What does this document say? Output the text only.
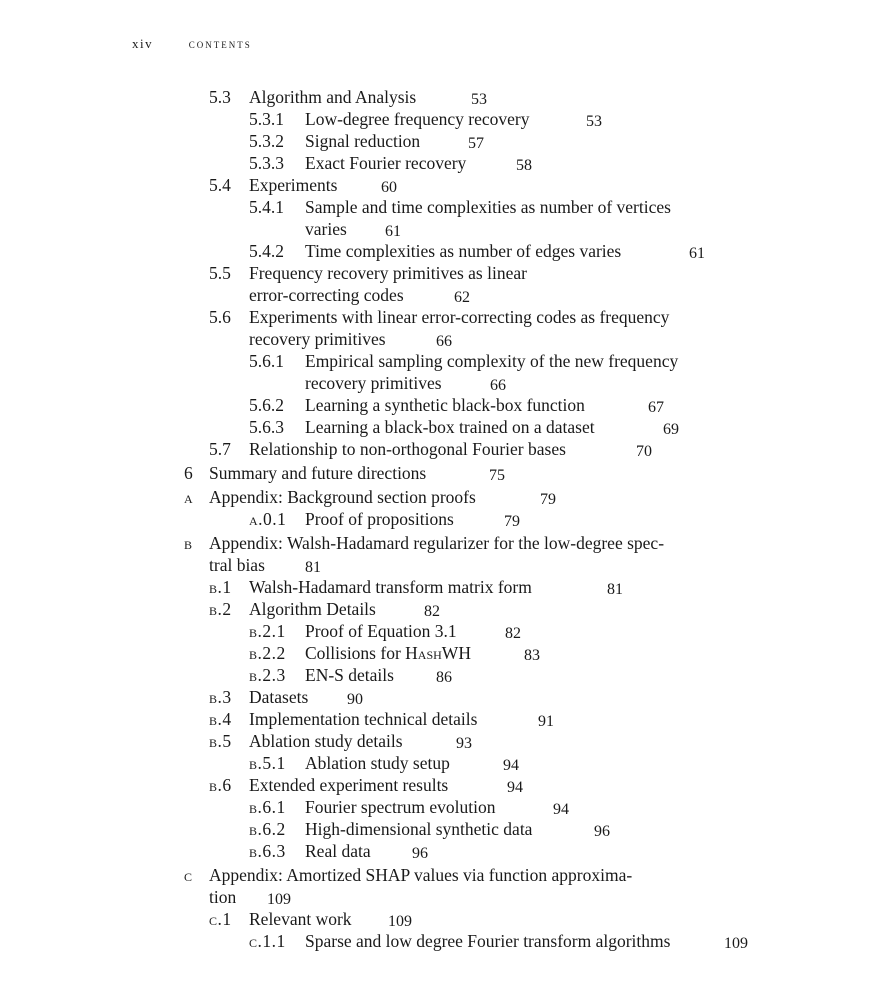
xiv	contents
5.3 Algorithm and Analysis	53
5.3.1 Low-degree frequency recovery	53
5.3.2 Signal reduction	57
5.3.3 Exact Fourier recovery	58
5.4 Experiments	60
5.4.1 Sample and time complexities as number of vertices
varies 61
5.4.2 Time complexities as number of edges varies	61
5.5 Frequency recovery primitives as linear
error-correcting codes	62
5.6 Experiments with linear error-correcting codes as frequency
recovery primitives	66
5.6.1 Empirical sampling complexity of the new frequency
recovery primitives	66
5.6.2 Learning a synthetic black-box function	67
5.6.3 Learning a black-box trained on a dataset	69
5.7 Relationship to non-orthogonal Fourier bases	70
6 Summary and future directions	75
a Appendix: Background section proofs	79
a.0.1 Proof of propositions	79
b Appendix: Walsh-Hadamard regularizer for the low-degree spec-
tral bias	81
b.1 Walsh-Hadamard transform matrix form	81
b.2 Algorithm Details	82
b.2.1 Proof of Equation 3.1	82
b.2.2 Collisions for HashWH	83
b.2.3 EN-S details	86
b.3 Datasets 90
b.4 Implementation technical details	91
b.5 Ablation study details	93
b.5.1 Ablation study setup	94
b.6 Extended experiment results	94
b.6.1 Fourier spectrum evolution	94
b.6.2 High-dimensional synthetic data	96
b.6.3 Real data	96
c Appendix: Amortized SHAP values via function approxima-
tion 109
c.1 Relevant work 109
c.1.1 Sparse and low degree Fourier transform algorithms	109
